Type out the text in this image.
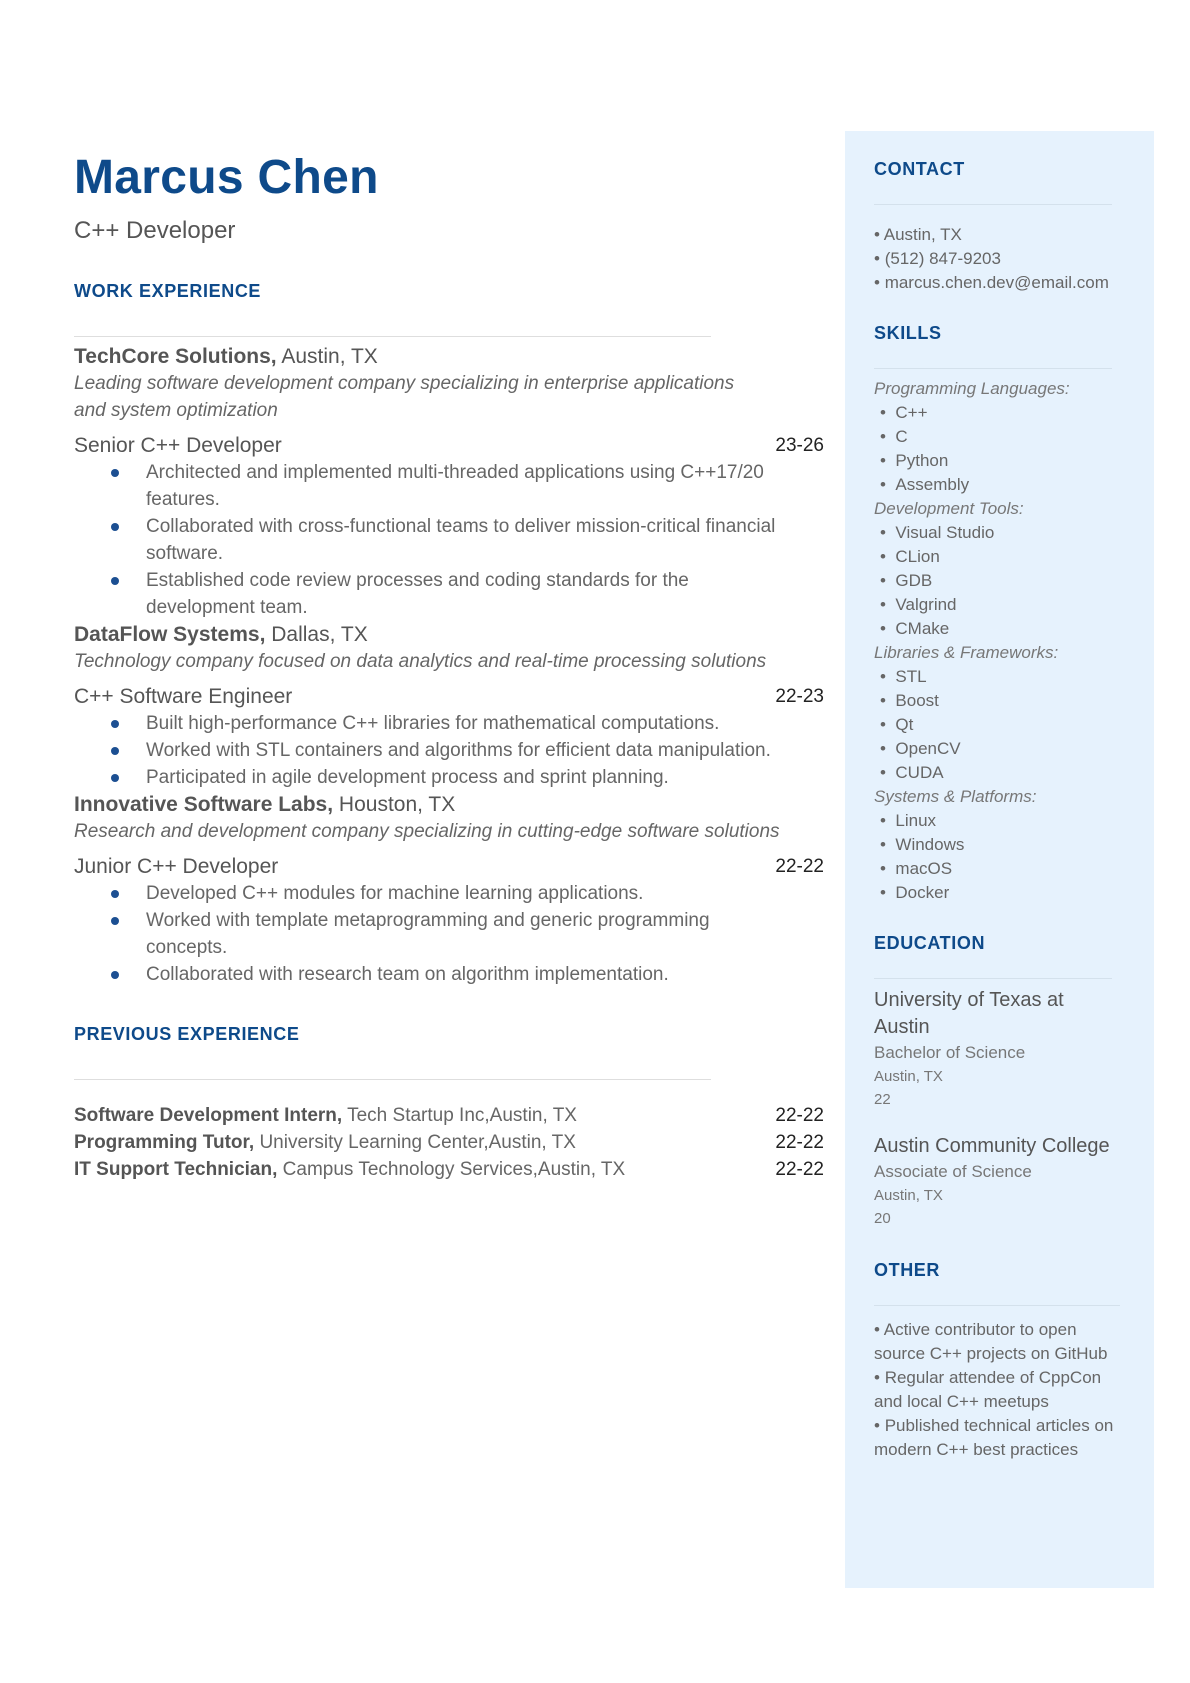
Marcus Chen
C++ Developer
WORK EXPERIENCE
TechCore Solutions, Austin, TX
Leading software development company specializing in enterprise applications and system optimization
Senior C++ Developer	23-26
Architected and implemented multi-threaded applications using C++17/20 features.
Collaborated with cross-functional teams to deliver mission-critical financial software.
Established code review processes and coding standards for the development team.
DataFlow Systems, Dallas, TX
Technology company focused on data analytics and real-time processing solutions
C++ Software Engineer	22-23
Built high-performance C++ libraries for mathematical computations.
Worked with STL containers and algorithms for efficient data manipulation.
Participated in agile development process and sprint planning.
Innovative Software Labs, Houston, TX
Research and development company specializing in cutting-edge software solutions
Junior C++ Developer	22-22
Developed C++ modules for machine learning applications.
Worked with template metaprogramming and generic programming concepts.
Collaborated with research team on algorithm implementation.
PREVIOUS EXPERIENCE
Software Development Intern, Tech Startup Inc,Austin, TX	22-22
Programming Tutor, University Learning Center,Austin, TX	22-22
IT Support Technician, Campus Technology Services,Austin, TX	22-22
CONTACT
• Austin, TX
• (512) 847-9203
• marcus.chen.dev@email.com
SKILLS
Programming Languages:
•  C++
•  C
•  Python
•  Assembly
Development Tools:
•  Visual Studio
•  CLion
•  GDB
•  Valgrind
•  CMake
Libraries & Frameworks:
•  STL
•  Boost
•  Qt
•  OpenCV
•  CUDA
Systems & Platforms:
•  Linux
•  Windows
•  macOS
•  Docker
EDUCATION
University of Texas at Austin
Bachelor of Science
Austin, TX
22
Austin Community College
Associate of Science
Austin, TX
20
OTHER
• Active contributor to open source C++ projects on GitHub
• Regular attendee of CppCon and local C++ meetups
• Published technical articles on modern C++ best practices
